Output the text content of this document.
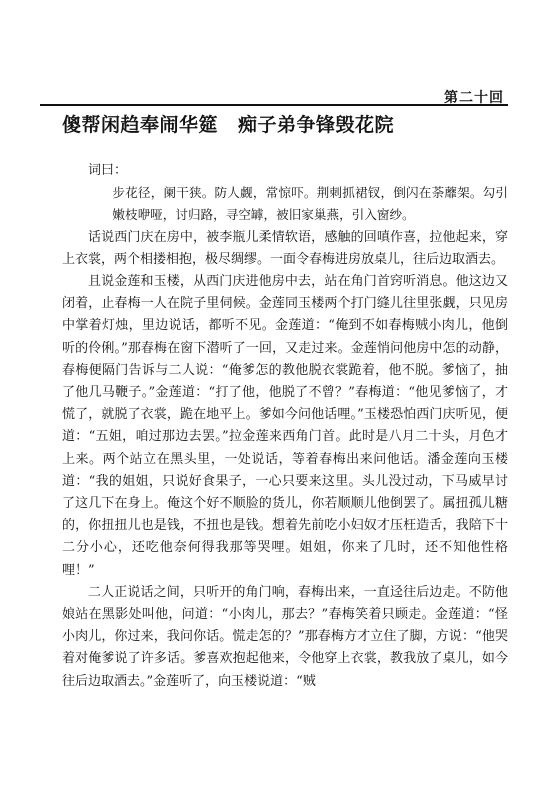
第二十回
傻帮闲趋奉闹华筵 痴子弟争锋毁花院

词曰：

步花径，阑干狭。防人觑，常惊吓。荆刺抓裙钗，倒闪在荼蘼架。勾引嫩枝咿哑，讨归路，寻空罅，被旧家巢燕，引入窗纱。

话说西门庆在房中，被李瓶儿柔情软语，感触的回嗔作喜，拉他起来，穿上衣裳，两个相搂相抱，极尽绸缪。一面令春梅进房放桌儿，往后边取酒去。

且说金莲和玉楼，从西门庆进他房中去，站在角门首窍听消息。他这边又闭着，止春梅一人在院子里伺候。金莲同玉楼两个打门缝儿往里张觑，只见房中掌着灯烛，里边说话，都听不见。金莲道：“俺到不如春梅贼小肉儿，他倒听的伶俐。”那春梅在窗下潜听了一回，又走过来。金莲悄问他房中怎的动静，春梅便隔门告诉与二人说：“俺爹怎的教他脱衣裳跪着，他不脱。爹恼了，抽了他几马鞭子。”金莲道：“打了他，他脱了不曾？”春梅道：“他见爹恼了，才慌了，就脱了衣裳，跪在地平上。爹如今问他话哩。”玉楼恐怕西门庆听见，便道：“五姐，咱过那边去罢。”拉金莲来西角门首。此时是八月二十头，月色才上来。两个站立在黑头里，一处说话，等着春梅出来问他话。潘金莲向玉楼道：“我的姐姐，只说好食果子，一心只要来这里。头儿没过动，下马威早讨了这几下在身上。俺这个好不顺脸的货儿，你若顺顺儿他倒罢了。属扭孤儿糖的，你扭扭儿也是钱，不扭也是钱。想着先前吃小妇奴才压枉造舌，我陪下十二分小心，还吃他奈何得我那等哭哩。姐姐，你来了几时，还不知他性格哩！”

二人正说话之间，只听开的角门响，春梅出来，一直迳往后边走。不防他娘站在黑影处叫他，问道：“小肉儿，那去？”春梅笑着只顾走。金莲道：“怪小肉儿，你过来，我问你话。慌走怎的？”那春梅方才立住了脚，方说：“他哭着对俺爹说了许多话。爹喜欢抱起他来，令他穿上衣裳，教我放了桌儿，如今往后边取酒去。”金莲听了，向玉楼说道：“贼
